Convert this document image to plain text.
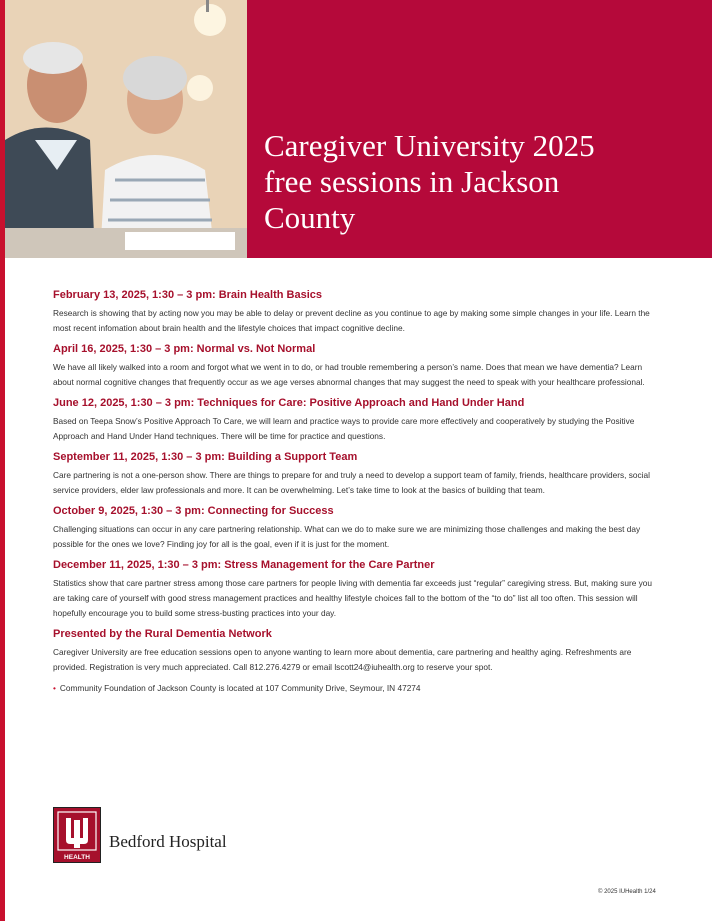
Caregiver University 2025
free sessions in Jackson
County
February 13, 2025, 1:30 – 3 pm: Brain Health Basics

Research is showing that by acting now you may be able to delay or prevent decline as you continue to age by making some simple changes in your life. Learn the most recent infomation about brain health and the lifestyle choices that impact cognitive decline.

April 16, 2025, 1:30 – 3 pm: Normal vs. Not Normal

We have all likely walked into a room and forgot what we went in to do, or had trouble remembering a person’s name. Does that mean we have dementia? Learn about normal cognitive changes that frequently occur as we age verses abnormal changes that may suggest the need to speak with your healthcare professional.

June 12, 2025, 1:30 – 3 pm: Techniques for Care: Positive Approach and Hand Under Hand

Based on Teepa Snow’s Positive Approach To Care, we will learn and practice ways to provide care more effectively and cooperatively by studying the Positive Approach and Hand Under Hand techniques. There will be time for practice and questions.

September 11, 2025, 1:30 – 3 pm: Building a Support Team

Care partnering is not a one-person show. There are things to prepare for and truly a need to develop a support team of family, friends, healthcare providers, social service providers, elder law professionals and more. It can be overwhelming. Let’s take time to look at the basics of building that team.

October 9, 2025, 1:30 – 3 pm: Connecting for Success

Challenging situations can occur in any care partnering relationship. What can we do to make sure we are minimizing those challenges and making the best day possible for the ones we love? Finding joy for all is the goal, even if it is just for the moment.

December 11, 2025, 1:30 – 3 pm: Stress Management for the Care Partner

Statistics show that care partner stress among those care partners for people living with dementia far exceeds just “regular” caregiving stress. But, making sure you are taking care of yourself with good stress management practices and healthy lifestyle choices fall to the bottom of the “to do” list all too often. This session will hopefully encourage you to build some stress-busting practices into your day.

Presented by the Rural Dementia Network

Caregiver University are free education sessions open to anyone wanting to learn more about dementia, care partnering and healthy aging. Refreshments are provided. Registration is very much appreciated. Call 812.276.4279 or email lscott24@iuhealth.org to reserve your spot.

• Community Foundation of Jackson County is located at 107 Community Drive, Seymour, IN 47274
HEALTH
Bedford Hospital
© 2025 IUHealth 1/24
